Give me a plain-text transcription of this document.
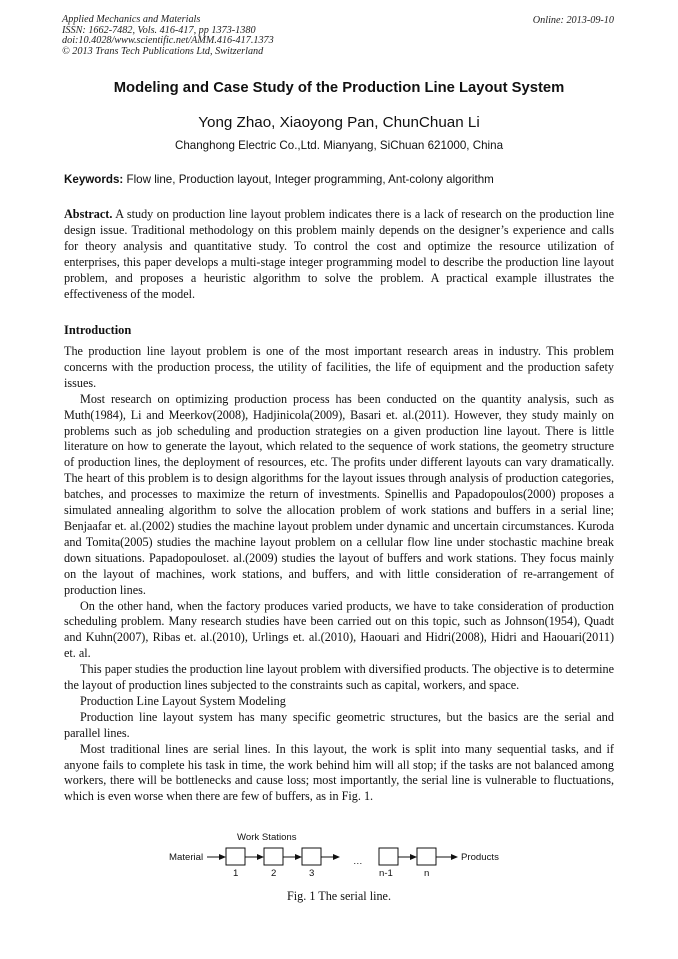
Applied Mechanics and Materials
ISSN: 1662-7482, Vols. 416-417, pp 1373-1380
doi:10.4028/www.scientific.net/AMM.416-417.1373
© 2013 Trans Tech Publications Ltd, Switzerland
Online: 2013-09-10
Modeling and Case Study of the Production Line Layout System
Yong Zhao, Xiaoyong Pan, ChunChuan Li
Changhong Electric Co.,Ltd. Mianyang, SiChuan 621000, China
Keywords: Flow line, Production layout, Integer programming, Ant-colony algorithm

Abstract. A study on production line layout problem indicates there is a lack of research on the production line design issue. Traditional methodology on this problem mainly depends on the designer’s experience and calls for theory analysis and quantitative study. To control the cost and optimize the resource utilization of enterprises, this paper develops a multi-stage integer programming model to describe the production line layout problem, and proposes a heuristic algorithm to solve the problem. A practical example illustrates the effectiveness of the model.

Introduction

The production line layout problem is one of the most important research areas in industry. This problem concerns with the production process, the utility of facilities, the life of equipment and the production safety issues.

Most research on optimizing production process has been conducted on the quantity analysis, such as Muth(1984), Li and Meerkov(2008), Hadjinicola(2009), Basari et. al.(2011). However, they study mainly on problems such as job scheduling and production strategies on a given production line layout. There is little literature on how to generate the layout, which related to the sequence of work stations, the geometry structure of production lines, the deployment of resources, etc. The profits under different layouts can vary dramatically. The heart of this problem is to design algorithms for the layout issues through analysis of production categories, batches, and processes to maximize the return of investments. Spinellis and Papadopoulos(2000) proposes a simulated annealing algorithm to solve the allocation problem of work stations and buffers in a serial line; Benjaafar et. al.(2002) studies the machine layout problem under dynamic and uncertain circumstances. Kuroda and Tomita(2005) studies the machine layout problem on a cellular flow line under stochastic machine break down situations. Papadopouloset. al.(2009) studies the layout of buffers and work stations. They focus mainly on the layout of machines, work stations, and buffers, and with little consideration of re-arrangement of production lines.

On the other hand, when the factory produces varied products, we have to take consideration of production scheduling problem. Many research studies have been carried out on this topic, such as Johnson(1954), Quadt and Kuhn(2007), Ribas et. al.(2010), Urlings et. al.(2010), Haouari and Hidri(2008), Hidri and Haouari(2011) et. al.

This paper studies the production line layout problem with diversified products. The objective is to determine the layout of production lines subjected to the constraints such as capital, workers, and space.

Production Line Layout System Modeling

Production line layout system has many specific geometric structures, but the basics are the serial and parallel lines.

Most traditional lines are serial lines. In this layout, the work is split into many sequential tasks, and if anyone fails to complete his task in time, the work behind him will all stop; if the tasks are not balanced among workers, there will be bottlenecks and cause loss; most importantly, the serial line is vulnerable to fluctuations, which is even worse when there are few of buffers, as in Fig. 1.

Work Stations
Material	…	Products
1	2	3	n-1	n
Fig. 1 The serial line.
